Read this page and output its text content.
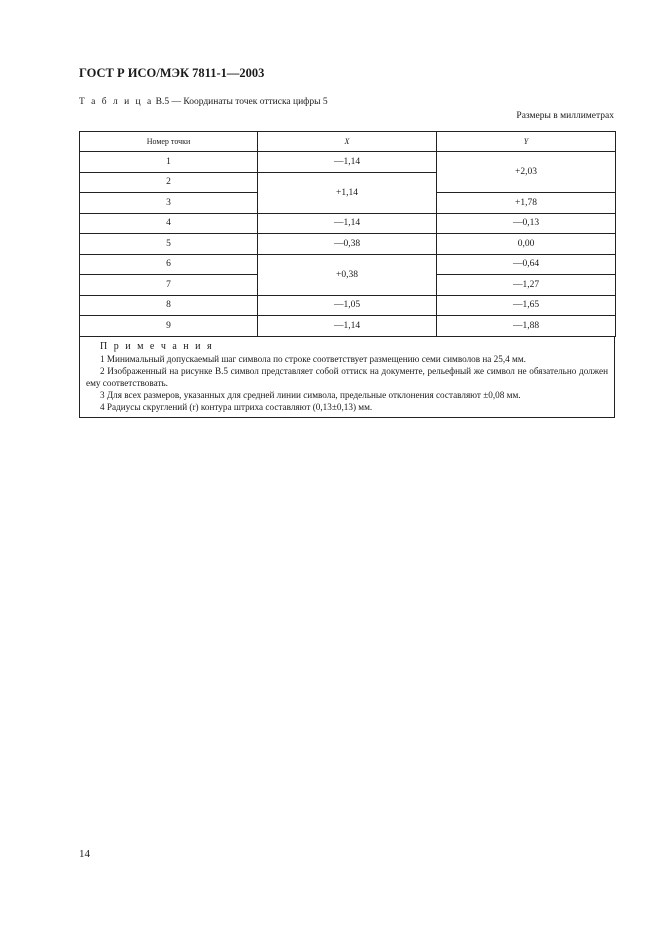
ГОСТ Р ИСО/МЭК 7811-1—2003
Т а б л и ц а В.5 — Координаты точек оттиска цифры 5
Размеры в миллиметрах
Номер точки	X	Y
1	—1,14	+2,03
2	+1,14	
3		+1,78
4	—1,14	—0,13
5	—0,38	0,00
6	+0,38	—0,64
7		—1,27
8	—1,05	—1,65
9	—1,14	—1,88
П р и м е ч а н и я

1 Минимальный допускаемый шаг символа по строке соответствует размещению семи символов на 25,4 мм.

2 Изображенный на рисунке В.5 символ представляет собой оттиск на документе, рельефный же символ не обязательно должен ему соответствовать.

3 Для всех размеров, указанных для средней линии символа, предельные отклонения составляют ±0,08 мм.

4 Радиусы скруглений (r) контура штриха составляют (0,13±0,13) мм.

14
